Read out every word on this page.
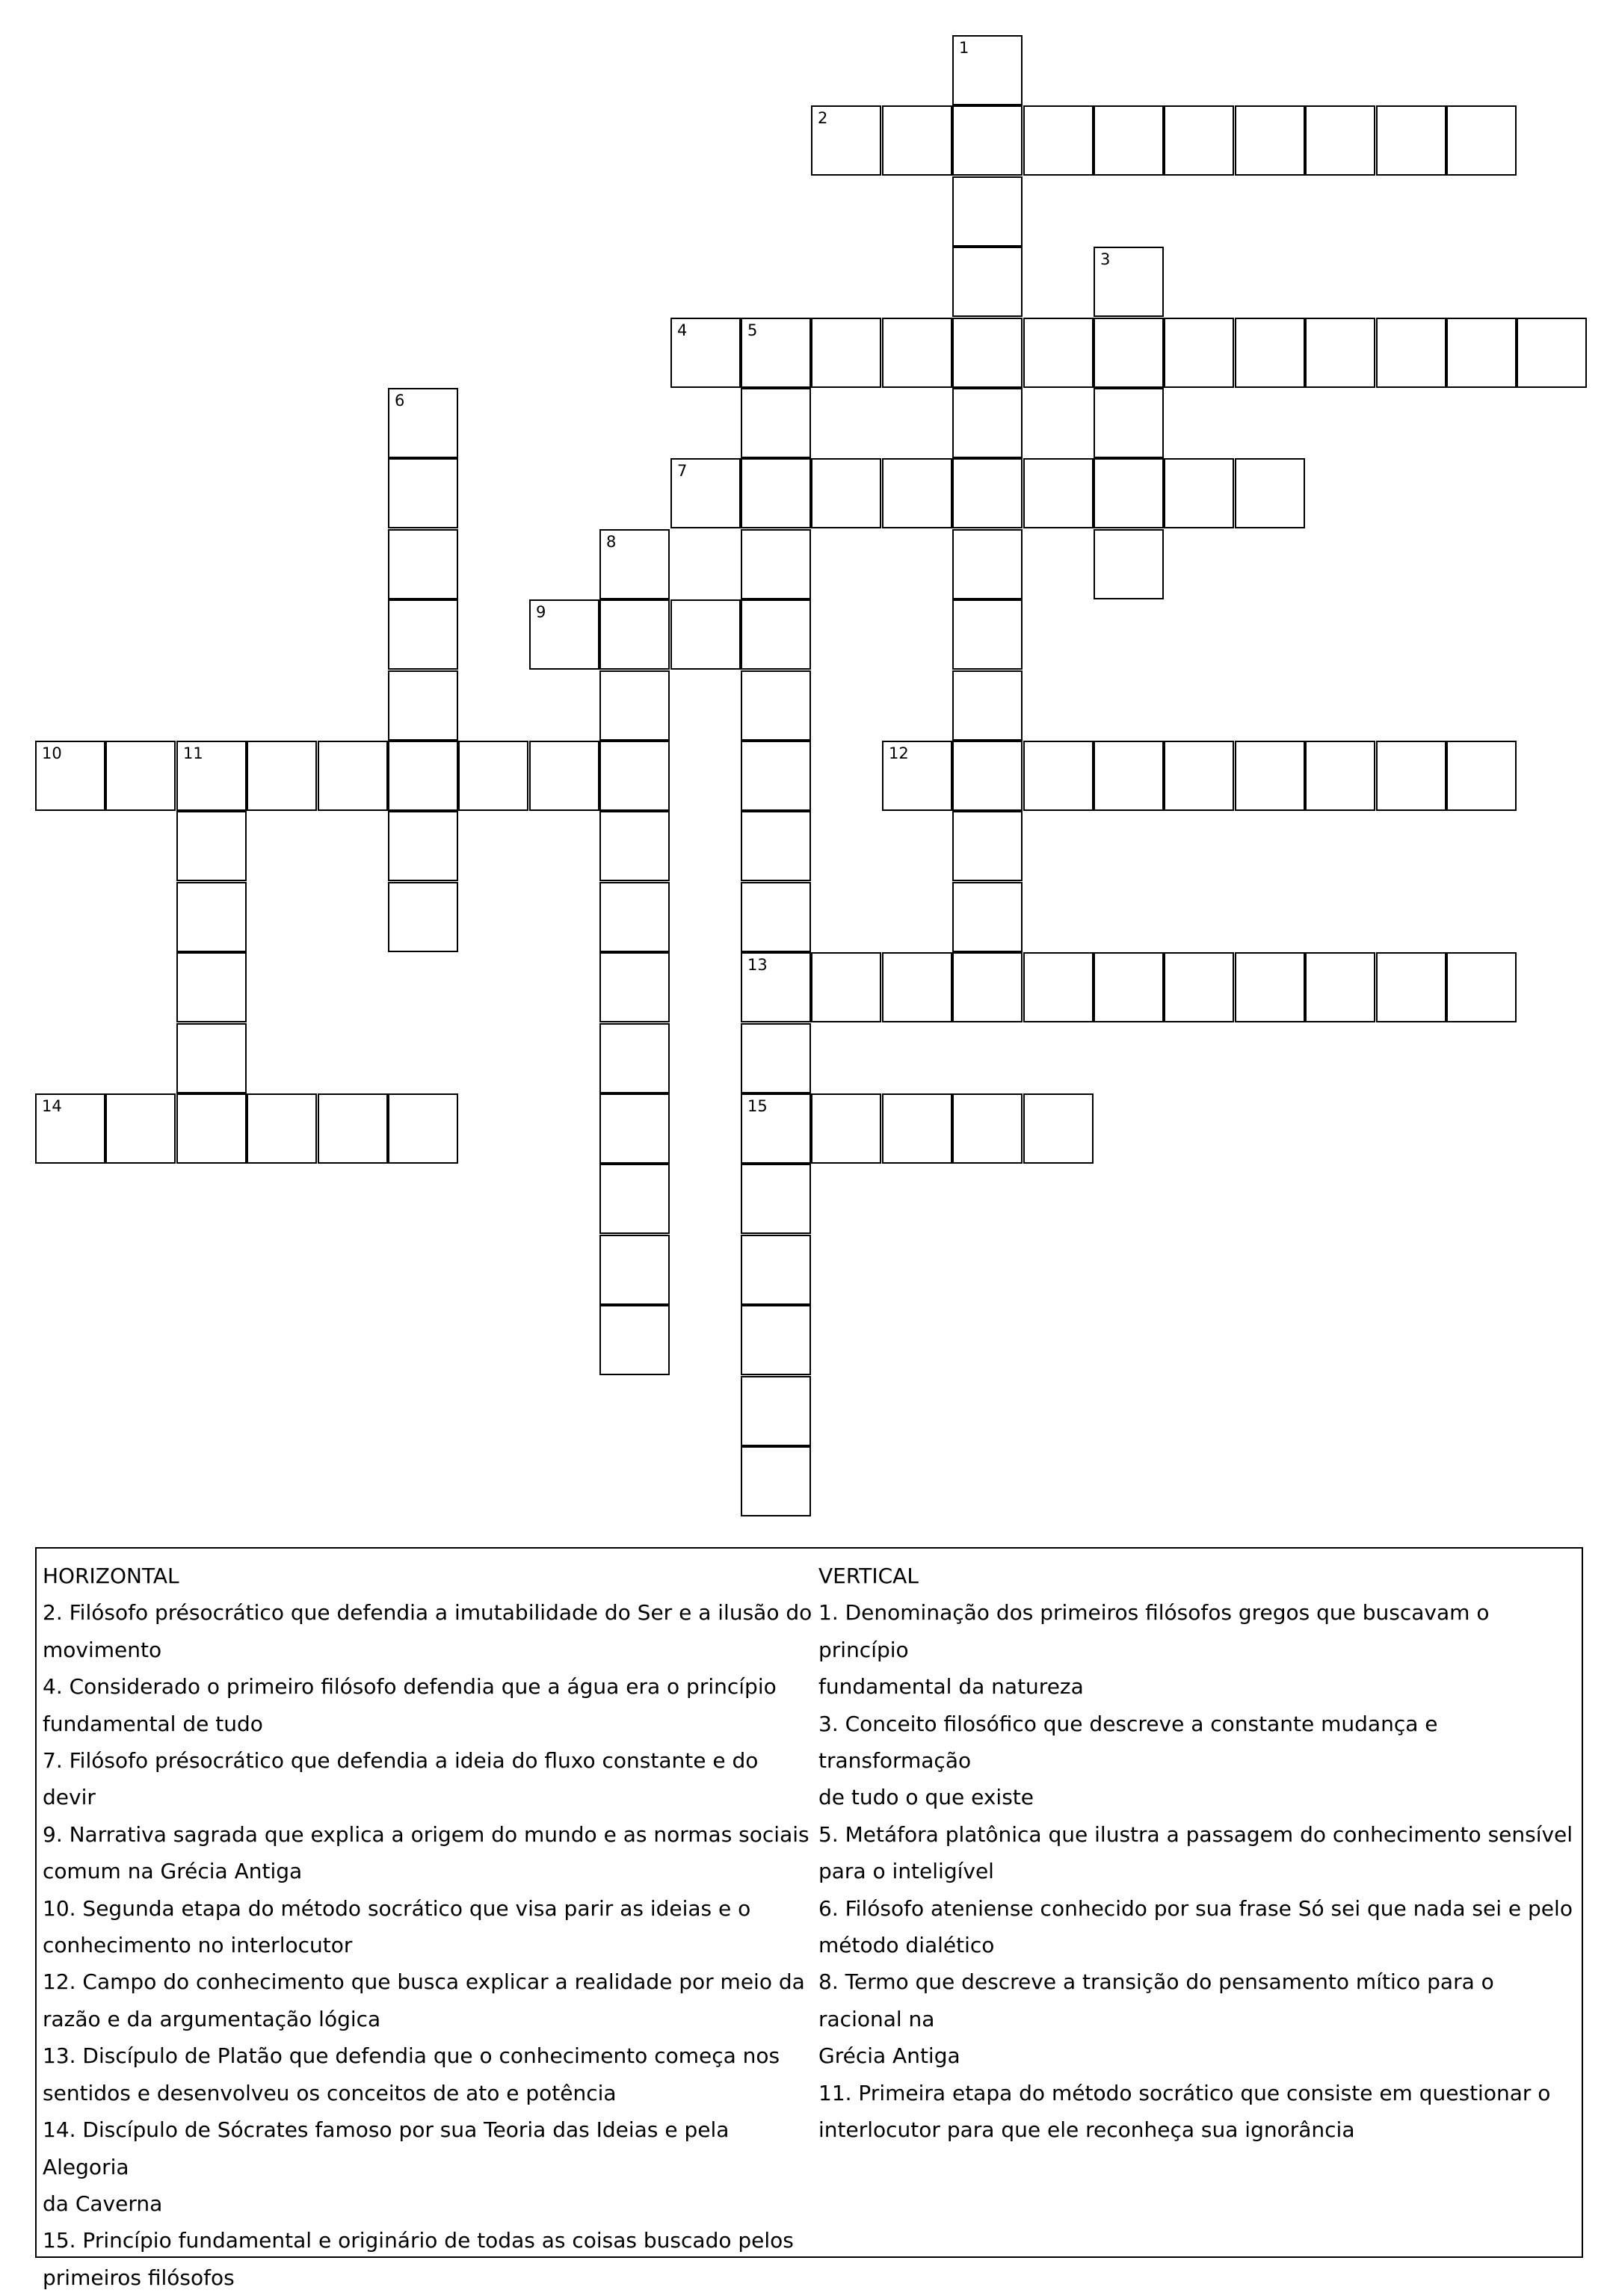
1
2
3
4	5
13
15
6
7
8
9
10	11	12
14
HORIZONTAL
2. Filósofo présocrático que defendia a imutabilidade do Ser e a ilusão do
movimento
4. Considerado o primeiro filósofo defendia que a água era o princípio
fundamental de tudo
7. Filósofo présocrático que defendia a ideia do fluxo constante e do devir
9. Narrativa sagrada que explica a origem do mundo e as normas sociais
comum na Grécia Antiga
10. Segunda etapa do método socrático que visa parir as ideias e o
conhecimento no interlocutor
12. Campo do conhecimento que busca explicar a realidade por meio da
razão e da argumentação lógica
13. Discípulo de Platão que defendia que o conhecimento começa nos
sentidos e desenvolveu os conceitos de ato e potência
14. Discípulo de Sócrates famoso por sua Teoria das Ideias e pela Alegoria
da Caverna
15. Princípio fundamental e originário de todas as coisas buscado pelos
primeiros filósofos
VERTICAL
1. Denominação dos primeiros filósofos gregos que buscavam o princípio
fundamental da natureza
3. Conceito filosófico que descreve a constante mudança e transformação
de tudo o que existe
5. Metáfora platônica que ilustra a passagem do conhecimento sensível
para o inteligível
6. Filósofo ateniense conhecido por sua frase Só sei que nada sei e pelo
método dialético
8. Termo que descreve a transição do pensamento mítico para o racional na
Grécia Antiga
11. Primeira etapa do método socrático que consiste em questionar o
interlocutor para que ele reconheça sua ignorância
